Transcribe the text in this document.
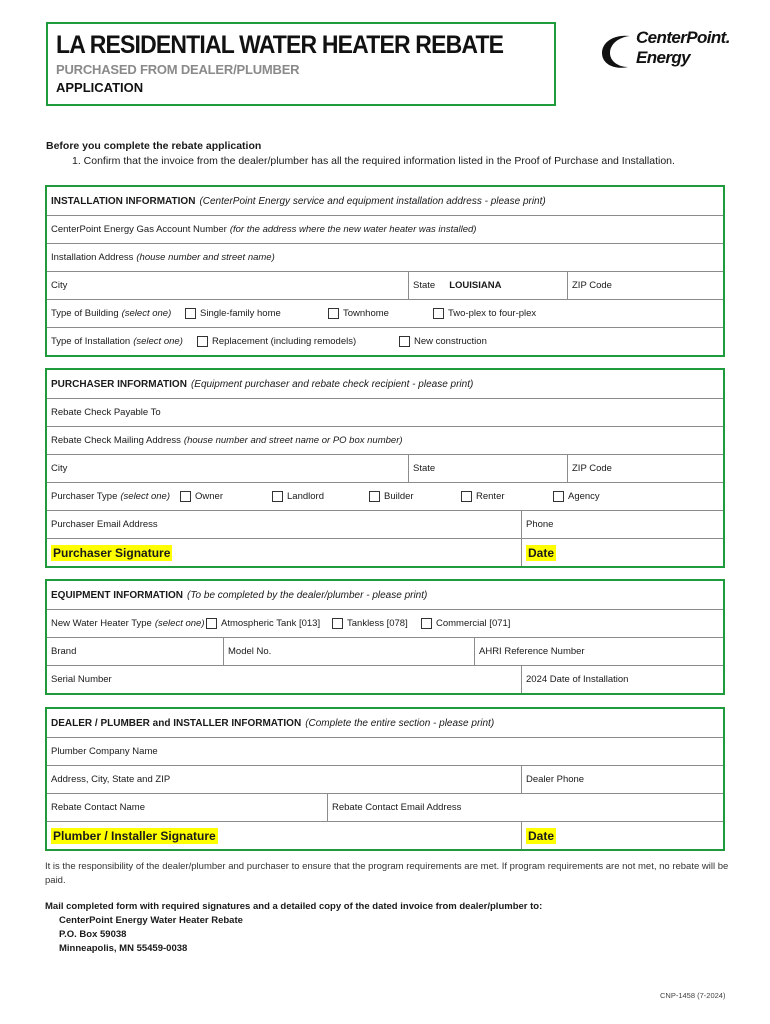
LA RESIDENTIAL WATER HEATER REBATE
PURCHASED FROM DEALER/PLUMBER
APPLICATION
CenterPoint.
Energy
Before you complete the rebate application
1. Confirm that the invoice from the dealer/plumber has all the required information listed in the Proof of Purchase and Installation.
INSTALLATION INFORMATION (CenterPoint Energy service and equipment installation address - please print)
CenterPoint Energy Gas Account Number (for the address where the new water heater was installed)
Installation Address (house number and street name)
City	State LOUISIANA	ZIP Code
Type of Building (select one)	Single-family home	Townhome	Two-plex to four-plex
Type of Installation (select one)	Replacement (including remodels)	New construction
PURCHASER INFORMATION (Equipment purchaser and rebate check recipient - please print)
Rebate Check Payable To
Rebate Check Mailing Address (house number and street name or PO box number)
City	State	ZIP Code
Purchaser Type (select one)	Owner	Landlord	Builder	Renter	Agency
Purchaser Email Address	Phone
Purchaser Signature	Date
EQUIPMENT INFORMATION (To be completed by the dealer/plumber - please print)
New Water Heater Type (select one) Atmospheric Tank [013]	Tankless [078]	Commercial [071]
Brand	Model No.	AHRI Reference Number
Serial Number	2024 Date of Installation
DEALER / PLUMBER and INSTALLER INFORMATION (Complete the entire section - please print)
Plumber Company Name
Address, City, State and ZIP	Dealer Phone
Rebate Contact Name	Rebate Contact Email Address
Plumber / Installer Signature	Date
It is the responsibility of the dealer/plumber and purchaser to ensure that the program requirements are met. If program requirements are not met, no rebate will be paid.
Mail completed form with required signatures and a detailed copy of the dated invoice from dealer/plumber to:
CenterPoint Energy Water Heater Rebate
P.O. Box 59038
Minneapolis, MN 55459-0038
CNP-1458 (7-2024)
